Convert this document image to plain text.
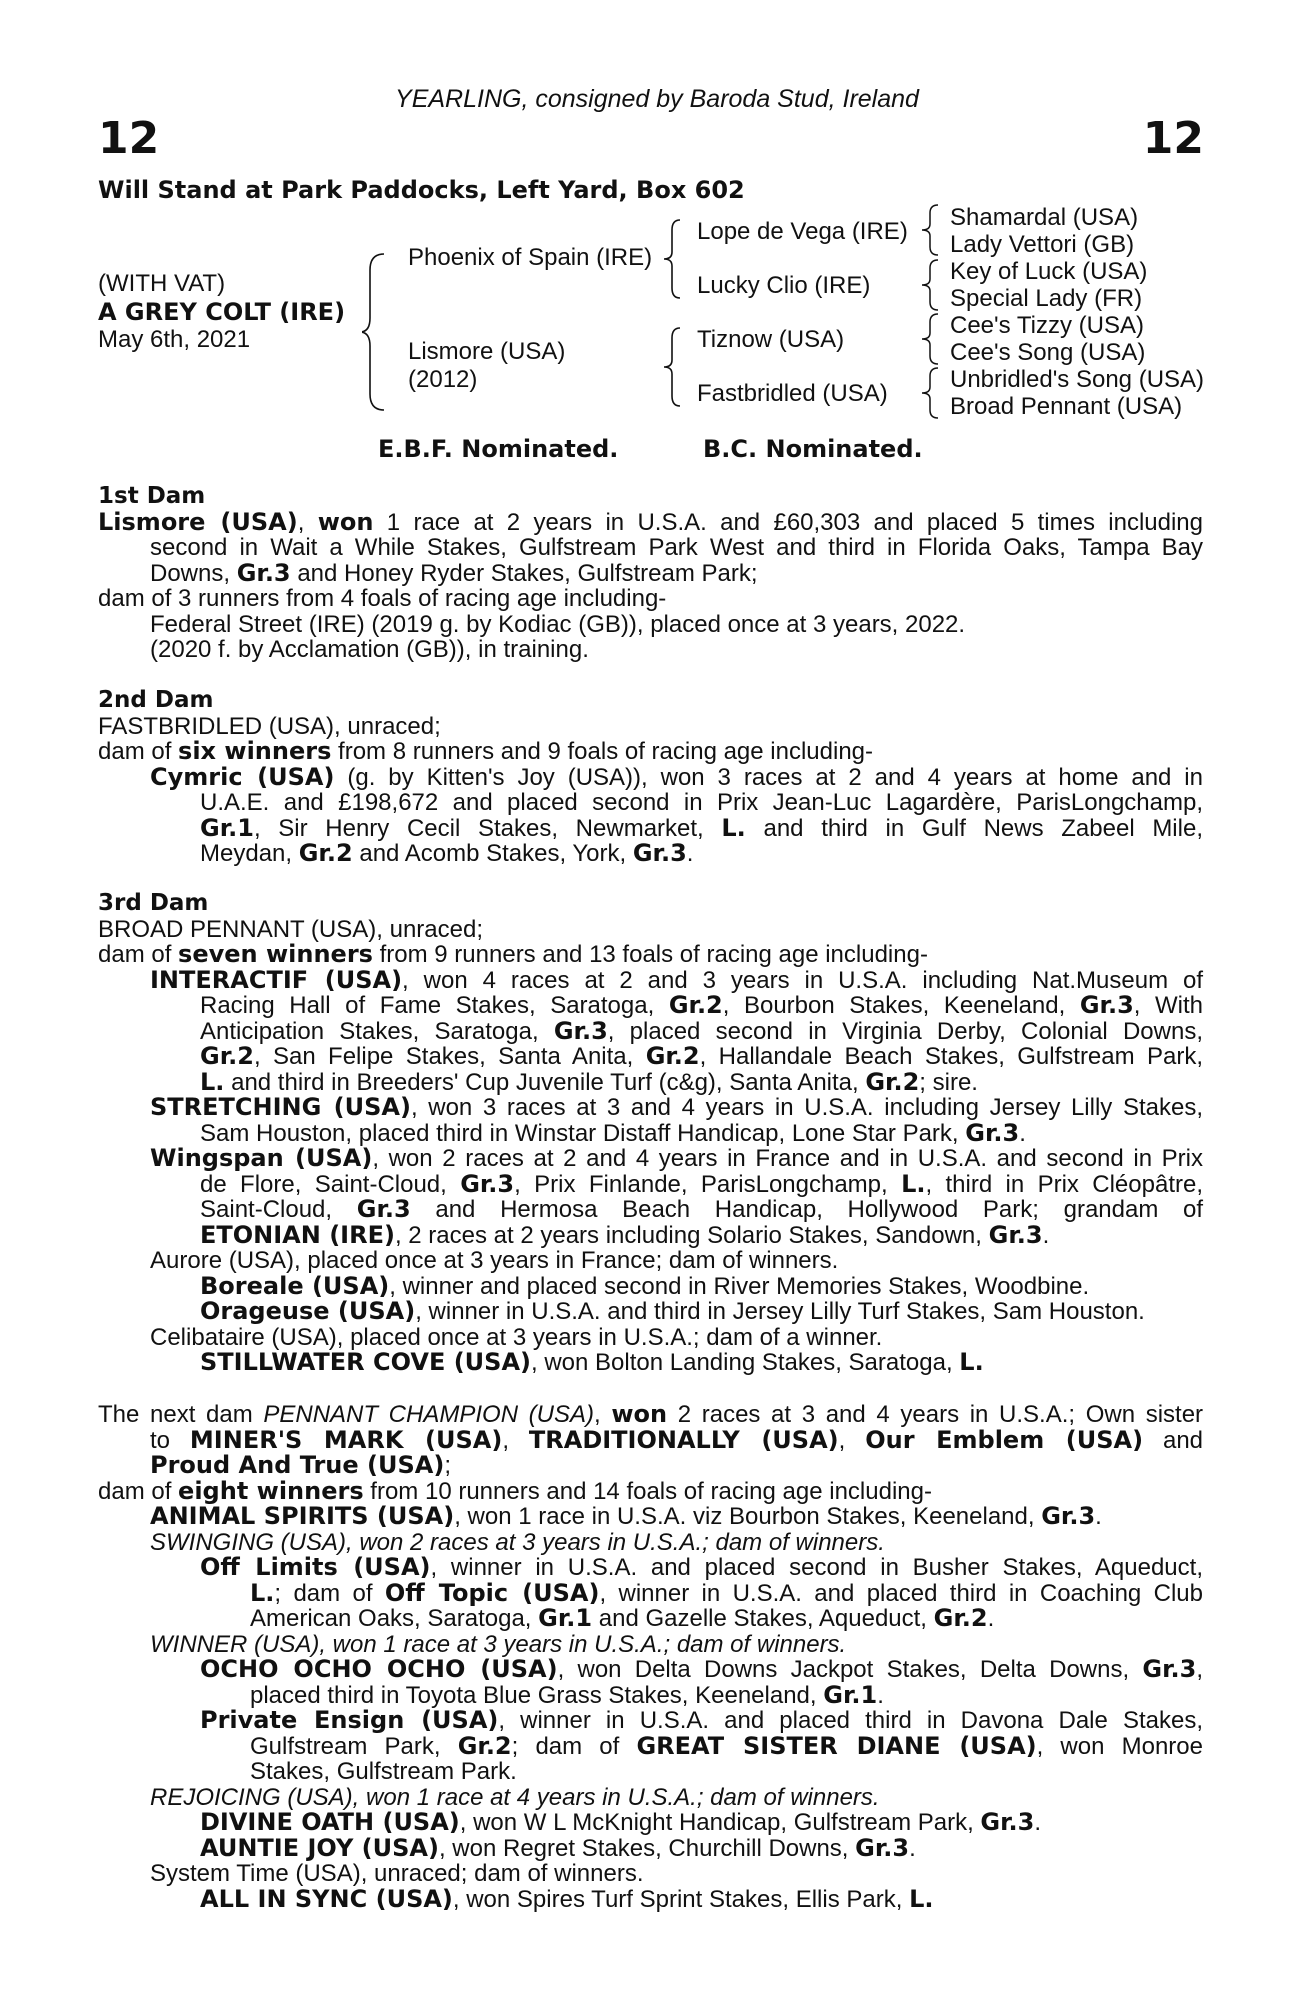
YEARLING, consigned by Baroda Stud, Ireland
12	12
Will Stand at Park Paddocks, Left Yard, Box 602
(WITH VAT)
A GREY COLT (IRE)
May 6th, 2021
Phoenix of Spain (IRE)
Lismore (USA)
(2012)
Lope de Vega (IRE)
Lucky Clio (IRE)
Tiznow (USA)
Fastbridled (USA)
Shamardal (USA)
Lady Vettori (GB)
Key of Luck (USA)
Special Lady (FR)
Cee's Tizzy (USA)
Cee's Song (USA)
Unbridled's Song (USA)
Broad Pennant (USA)
E.B.F. Nominated.	B.C. Nominated.
1st Dam
Lismore (USA), won 1 race at 2 years in U.S.A. and £60,303 and placed 5 times including
second in Wait a While Stakes, Gulfstream Park West and third in Florida Oaks, Tampa Bay
Downs, Gr.3 and Honey Ryder Stakes, Gulfstream Park;
dam of 3 runners from 4 foals of racing age including-
Federal Street (IRE) (2019 g. by Kodiac (GB)), placed once at 3 years, 2022.
(2020 f. by Acclamation (GB)), in training.
2nd Dam
FASTBRIDLED (USA), unraced;
dam of six winners from 8 runners and 9 foals of racing age including-
Cymric (USA) (g. by Kitten's Joy (USA)), won 3 races at 2 and 4 years at home and in
U.A.E. and £198,672 and placed second in Prix Jean-Luc Lagardère, ParisLongchamp,
Gr.1, Sir Henry Cecil Stakes, Newmarket, L. and third in Gulf News Zabeel Mile,
Meydan, Gr.2 and Acomb Stakes, York, Gr.3.
3rd Dam
BROAD PENNANT (USA), unraced;
dam of seven winners from 9 runners and 13 foals of racing age including-
INTERACTIF (USA), won 4 races at 2 and 3 years in U.S.A. including Nat.Museum of
Racing Hall of Fame Stakes, Saratoga, Gr.2, Bourbon Stakes, Keeneland, Gr.3, With
Anticipation Stakes, Saratoga, Gr.3, placed second in Virginia Derby, Colonial Downs,
Gr.2, San Felipe Stakes, Santa Anita, Gr.2, Hallandale Beach Stakes, Gulfstream Park,
L. and third in Breeders' Cup Juvenile Turf (c&g), Santa Anita, Gr.2; sire.
STRETCHING (USA), won 3 races at 3 and 4 years in U.S.A. including Jersey Lilly Stakes,
Sam Houston, placed third in Winstar Distaff Handicap, Lone Star Park, Gr.3.
Wingspan (USA), won 2 races at 2 and 4 years in France and in U.S.A. and second in Prix
de Flore, Saint-Cloud, Gr.3, Prix Finlande, ParisLongchamp, L., third in Prix Cléopâtre,
Saint-Cloud, Gr.3 and Hermosa Beach Handicap, Hollywood Park; grandam of
ETONIAN (IRE), 2 races at 2 years including Solario Stakes, Sandown, Gr.3.
Aurore (USA), placed once at 3 years in France; dam of winners.
Boreale (USA), winner and placed second in River Memories Stakes, Woodbine.
Orageuse (USA), winner in U.S.A. and third in Jersey Lilly Turf Stakes, Sam Houston.
Celibataire (USA), placed once at 3 years in U.S.A.; dam of a winner.
STILLWATER COVE (USA), won Bolton Landing Stakes, Saratoga, L.
The next dam PENNANT CHAMPION (USA), won 2 races at 3 and 4 years in U.S.A.; Own sister
to MINER'S MARK (USA), TRADITIONALLY (USA), Our Emblem (USA) and
Proud And True (USA);
dam of eight winners from 10 runners and 14 foals of racing age including-
ANIMAL SPIRITS (USA), won 1 race in U.S.A. viz Bourbon Stakes, Keeneland, Gr.3.
SWINGING (USA), won 2 races at 3 years in U.S.A.; dam of winners.
Off Limits (USA), winner in U.S.A. and placed second in Busher Stakes, Aqueduct,
L.; dam of Off Topic (USA), winner in U.S.A. and placed third in Coaching Club
American Oaks, Saratoga, Gr.1 and Gazelle Stakes, Aqueduct, Gr.2.
WINNER (USA), won 1 race at 3 years in U.S.A.; dam of winners.
OCHO OCHO OCHO (USA), won Delta Downs Jackpot Stakes, Delta Downs, Gr.3,
placed third in Toyota Blue Grass Stakes, Keeneland, Gr.1.
Private Ensign (USA), winner in U.S.A. and placed third in Davona Dale Stakes,
Gulfstream Park, Gr.2; dam of GREAT SISTER DIANE (USA), won Monroe
Stakes, Gulfstream Park.
REJOICING (USA), won 1 race at 4 years in U.S.A.; dam of winners.
DIVINE OATH (USA), won W L McKnight Handicap, Gulfstream Park, Gr.3.
AUNTIE JOY (USA), won Regret Stakes, Churchill Downs, Gr.3.
System Time (USA), unraced; dam of winners.
ALL IN SYNC (USA), won Spires Turf Sprint Stakes, Ellis Park, L.
